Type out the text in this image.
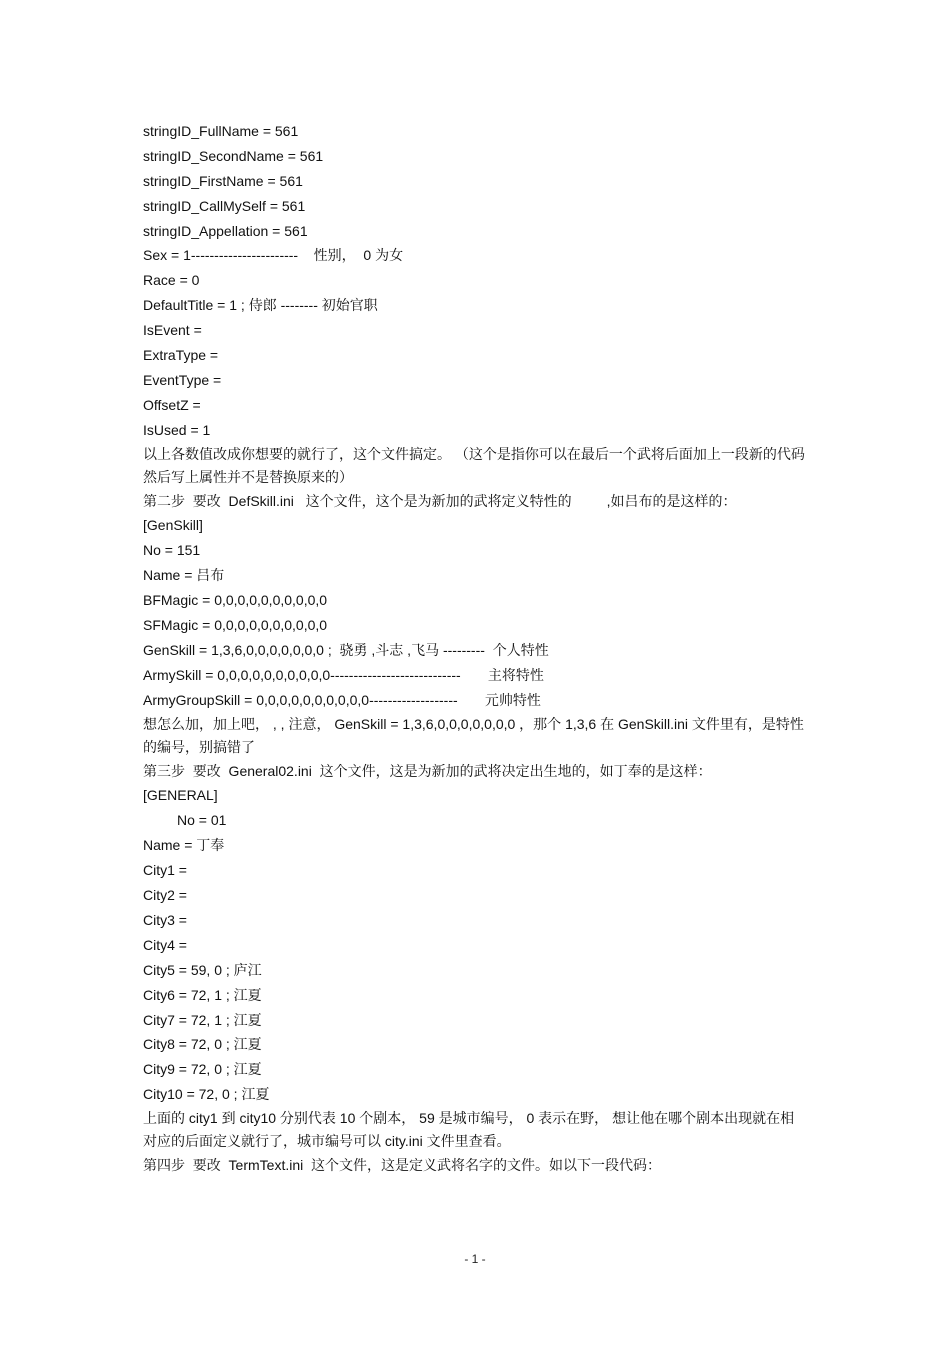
stringID_FullName = 561
stringID_SecondName = 561
stringID_FirstName = 561
stringID_CallMySelf = 561
stringID_Appellation = 561
Sex = 1-----------------------    性别，  0 为女
Race = 0
DefaultTitle = 1 ; 侍郎 -------- 初始官职
IsEvent =
ExtraType =
EventType =
OffsetZ =
IsUsed = 1
以上各数值改成你想要的就行了，这个文件搞定。 （这个是指你可以在最后一个武将后面加上一段新的代码然后写上属性并不是替换原来的）
第二步  要改  DefSkill.ini   这个文件，这个是为新加的武将定义特性的         ,如吕布的是这样的：
[GenSkill]
No = 151
Name = 吕布
BFMagic = 0,0,0,0,0,0,0,0,0,0
SFMagic = 0,0,0,0,0,0,0,0,0,0
GenSkill = 1,3,6,0,0,0,0,0,0,0 ;  骁勇 ,斗志 ,飞马 ---------  个人特性
ArmySkill = 0,0,0,0,0,0,0,0,0,0----------------------------       主将特性
ArmyGroupSkill = 0,0,0,0,0,0,0,0,0,0-------------------       元帅特性
想怎么加，加上吧， , , 注意， GenSkill = 1,3,6,0,0,0,0,0,0,0 ，那个 1,3,6 在 GenSkill.ini 文件里有，是特性的编号，别搞错了
第三步  要改  General02.ini  这个文件，这是为新加的武将决定出生地的，如丁奉的是这样：
[GENERAL]
No = 01
Name = 丁奉
City1 =
City2 =
City3 =
City4 =
City5 = 59, 0 ; 庐江
City6 = 72, 1 ; 江夏
City7 = 72, 1 ; 江夏
City8 = 72, 0 ; 江夏
City9 = 72, 0 ; 江夏
City10 = 72, 0 ; 江夏
上面的 city1 到 city10 分别代表 10 个剧本， 59 是城市编号， 0 表示在野， 想让他在哪个剧本出现就在相对应的后面定义就行了，城市编号可以 city.ini 文件里查看。
第四步  要改  TermText.ini  这个文件，这是定义武将名字的文件。如以下一段代码：
- 1 -
